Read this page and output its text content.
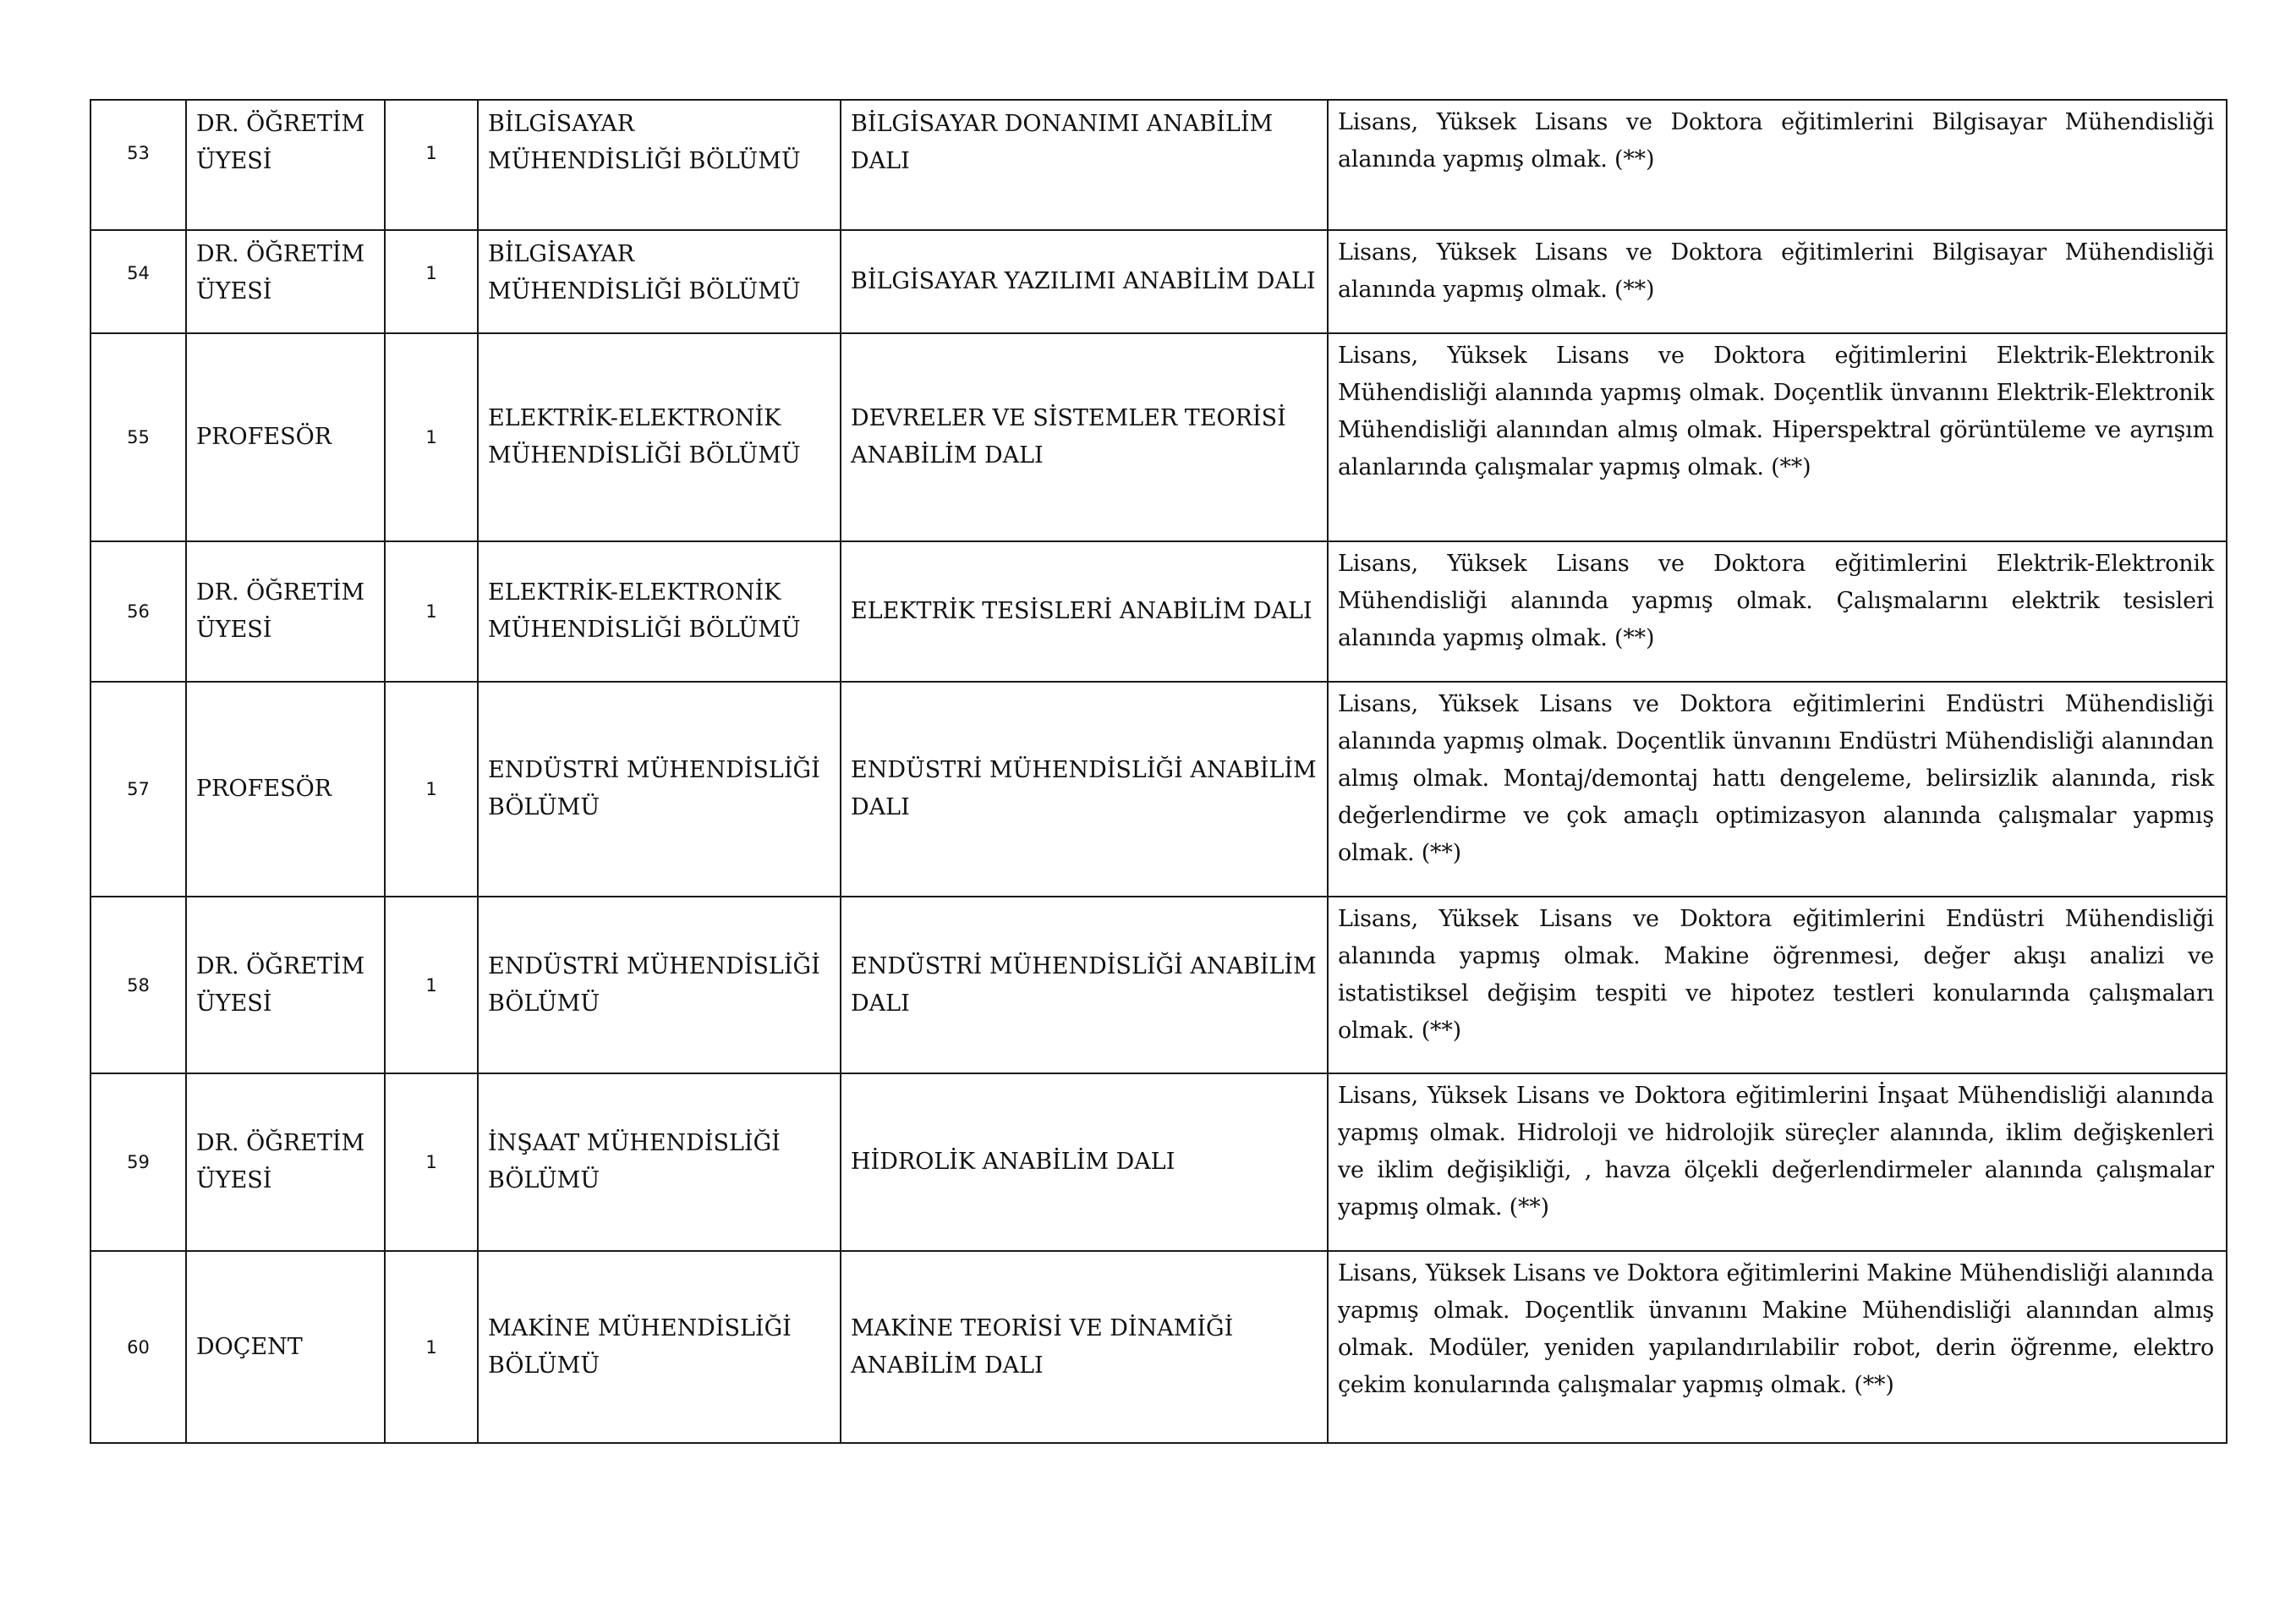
53	DR. ÖĞRETİM ÜYESİ	1	BİLGİSAYAR MÜHENDİSLİĞİ BÖLÜMÜ	BİLGİSAYAR DONANIMI ANABİLİM DALI	Lisans, Yüksek Lisans ve Doktora eğitimlerini Bilgisayar Mühendisliği alanında yapmış olmak. (**)
54	DR. ÖĞRETİM ÜYESİ	1	BİLGİSAYAR MÜHENDİSLİĞİ BÖLÜMÜ	BİLGİSAYAR YAZILIMI ANABİLİM DALI	Lisans, Yüksek Lisans ve Doktora eğitimlerini Bilgisayar Mühendisliği alanında yapmış olmak. (**)
55	PROFESÖR	1	ELEKTRİK-ELEKTRONİK MÜHENDİSLİĞİ BÖLÜMÜ	DEVRELER VE SİSTEMLER TEORİSİ ANABİLİM DALI	Lisans, Yüksek Lisans ve Doktora eğitimlerini Elektrik-Elektronik Mühendisliği alanında yapmış olmak. Doçentlik ünvanını Elektrik-Elektronik Mühendisliği alanından almış olmak. Hiperspektral görüntüleme ve ayrışım alanlarında çalışmalar yapmış olmak. (**)
56	DR. ÖĞRETİM ÜYESİ	1	ELEKTRİK-ELEKTRONİK MÜHENDİSLİĞİ BÖLÜMÜ	ELEKTRİK TESİSLERİ ANABİLİM DALI	Lisans, Yüksek Lisans ve Doktora eğitimlerini Elektrik-Elektronik Mühendisliği alanında yapmış olmak. Çalışmalarını elektrik tesisleri alanında yapmış olmak. (**)
57	PROFESÖR	1	ENDÜSTRİ MÜHENDİSLİĞİ BÖLÜMÜ	ENDÜSTRİ MÜHENDİSLİĞİ ANABİLİM DALI	Lisans, Yüksek Lisans ve Doktora eğitimlerini Endüstri Mühendisliği alanında yapmış olmak. Doçentlik ünvanını Endüstri Mühendisliği alanından almış olmak. Montaj/demontaj hattı dengeleme, belirsizlik alanında, risk değerlendirme ve çok amaçlı optimizasyon alanında çalışmalar yapmış olmak. (**)
58	DR. ÖĞRETİM ÜYESİ	1	ENDÜSTRİ MÜHENDİSLİĞİ BÖLÜMÜ	ENDÜSTRİ MÜHENDİSLİĞİ ANABİLİM DALI	Lisans, Yüksek Lisans ve Doktora eğitimlerini Endüstri Mühendisliği alanında yapmış olmak. Makine öğrenmesi, değer akışı analizi ve istatistiksel değişim tespiti ve hipotez testleri konularında çalışmaları olmak. (**)
59	DR. ÖĞRETİM ÜYESİ	1	İNŞAAT MÜHENDİSLİĞİ BÖLÜMÜ	HİDROLİK ANABİLİM DALI	Lisans, Yüksek Lisans ve Doktora eğitimlerini İnşaat Mühendisliği alanında yapmış olmak. Hidroloji ve hidrolojik süreçler alanında, iklim değişkenleri ve iklim değişikliği, , havza ölçekli değerlendirmeler alanında çalışmalar yapmış olmak. (**)
60	DOÇENT	1	MAKİNE MÜHENDİSLİĞİ BÖLÜMÜ	MAKİNE TEORİSİ VE DİNAMİĞİ ANABİLİM DALI	Lisans, Yüksek Lisans ve Doktora eğitimlerini Makine Mühendisliği alanında yapmış olmak. Doçentlik ünvanını Makine Mühendisliği alanından almış olmak. Modüler, yeniden yapılandırılabilir robot, derin öğrenme, elektro çekim konularında çalışmalar yapmış olmak. (**)
